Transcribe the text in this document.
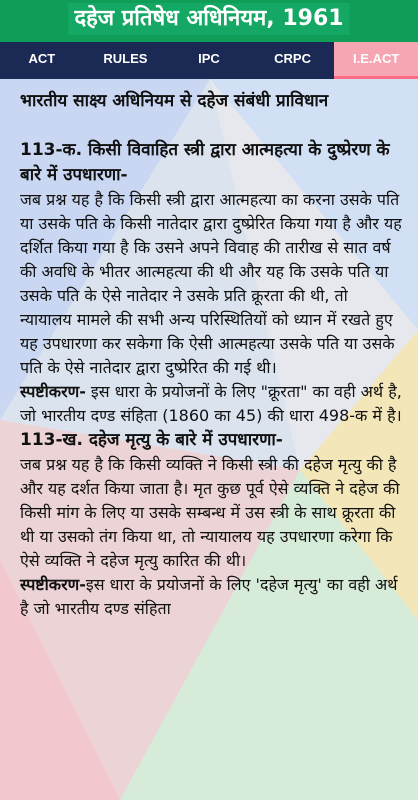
दहेज प्रतिषेध अधिनियम, 1961
ACT	RULES	IPC	CRPC	I.E.ACT

भारतीय साक्ष्य अधिनियम से दहेज संबंधी प्राविधान

113-क. किसी विवाहित स्त्री द्वारा आत्महत्या के दुष्प्रेरण के बारे में उपधारणा-

जब प्रश्न यह है कि किसी स्त्री द्वारा आत्महत्या का करना उसके पति या उसके पति के किसी नातेदार द्वारा दुष्प्रेरित किया गया है और यह दर्शित किया गया है कि उसने अपने विवाह की तारीख से सात वर्ष की अवधि के भीतर आत्महत्या की थी और यह कि उसके पति या उसके पति के ऐसे नातेदार ने उसके प्रति क्रूरता की थी, तो न्यायालय मामले की सभी अन्य परिस्थितियों को ध्यान में रखते हुए यह उपधारणा कर सकेगा कि ऐसी आत्महत्या उसके पति या उसके पति के ऐसे नातेदार द्वारा दुष्प्रेरित की गई थी।

स्पष्टीकरण- इस धारा के प्रयोजनों के लिए "क्रूरता" का वही अर्थ है, जो भारतीय दण्ड संहिता (1860 का 45) की धारा 498-क में है।

113-ख. दहेज मृत्यु के बारे में उपधारणा-

जब प्रश्न यह है कि किसी व्यक्ति ने किसी स्त्री की दहेज मृत्यु की है और यह दर्शत किया जाता है। मृत कुछ पूर्व ऐसे व्यक्ति ने दहेज की किसी मांग के लिए या उसके सम्बन्ध में उस स्त्री के साथ क्रूरता की थी या उसको तंग किया था, तो न्यायालय यह उपधारणा करेगा कि ऐसे व्यक्ति ने दहेज मृत्यु कारित की थी।

स्पष्टीकरण-इस धारा के प्रयोजनों के लिए 'दहेज मृत्यु' का वही अर्थ है जो भारतीय दण्ड संहिता
